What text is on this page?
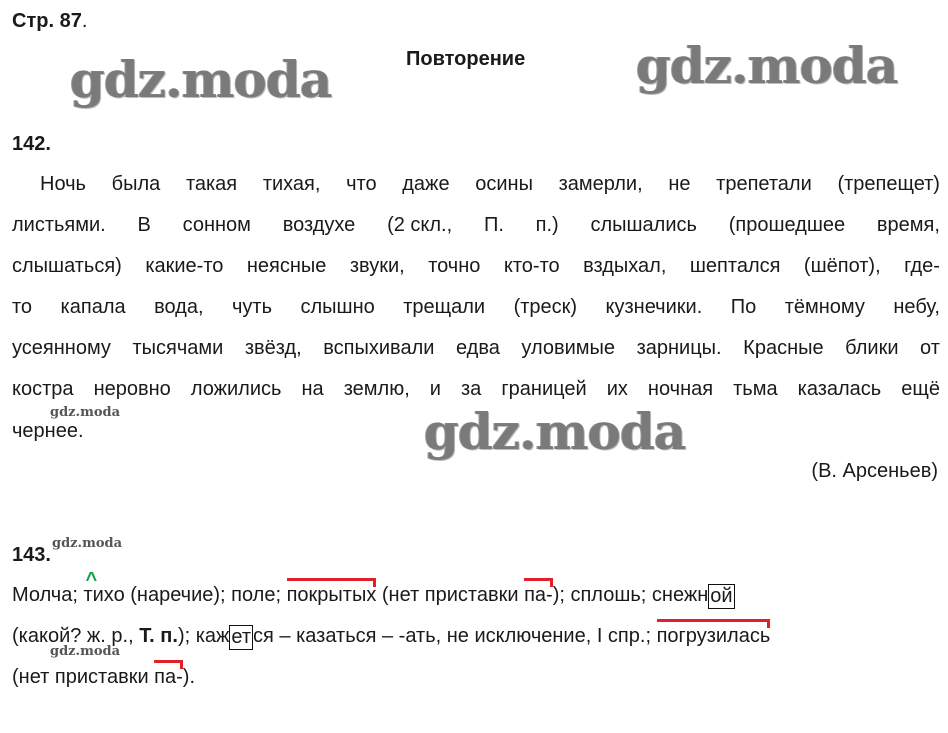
Стр. 87.
gdz.moda	Повторение gdz.moda
142.
Ночь была такая тихая, что даже осины замерли, не трепетали (трепещет)
листьями. В сонном воздухе (2 скл., П. п.) слышались (прошедшее время,
слышаться) какие-то неясные звуки, точно кто-то вздыхал, шептался (шёпот), где-
то капала вода, чуть слышно трещали (треск) кузнечики. По тёмному небу,
усеянному тысячами звёзд, вспыхивали едва уловимые зарницы. Красные блики от
костра неровно ложились на землю, и за границей их ночная тьма казалась ещё
чернее.
gdz.moda	gdz.moda
(В. Арсеньев)
143.
gdz.moda
Молча;
^ тихо (наречие); поле; покрытых (нет приставки па- ); сплошь; снежн ой
gdz.moda
(какой? ж. р., Т. п. ); каж ет ся – казаться – -ать, не исключение, I спр.; погрузилась
(нет приставки па- ).
